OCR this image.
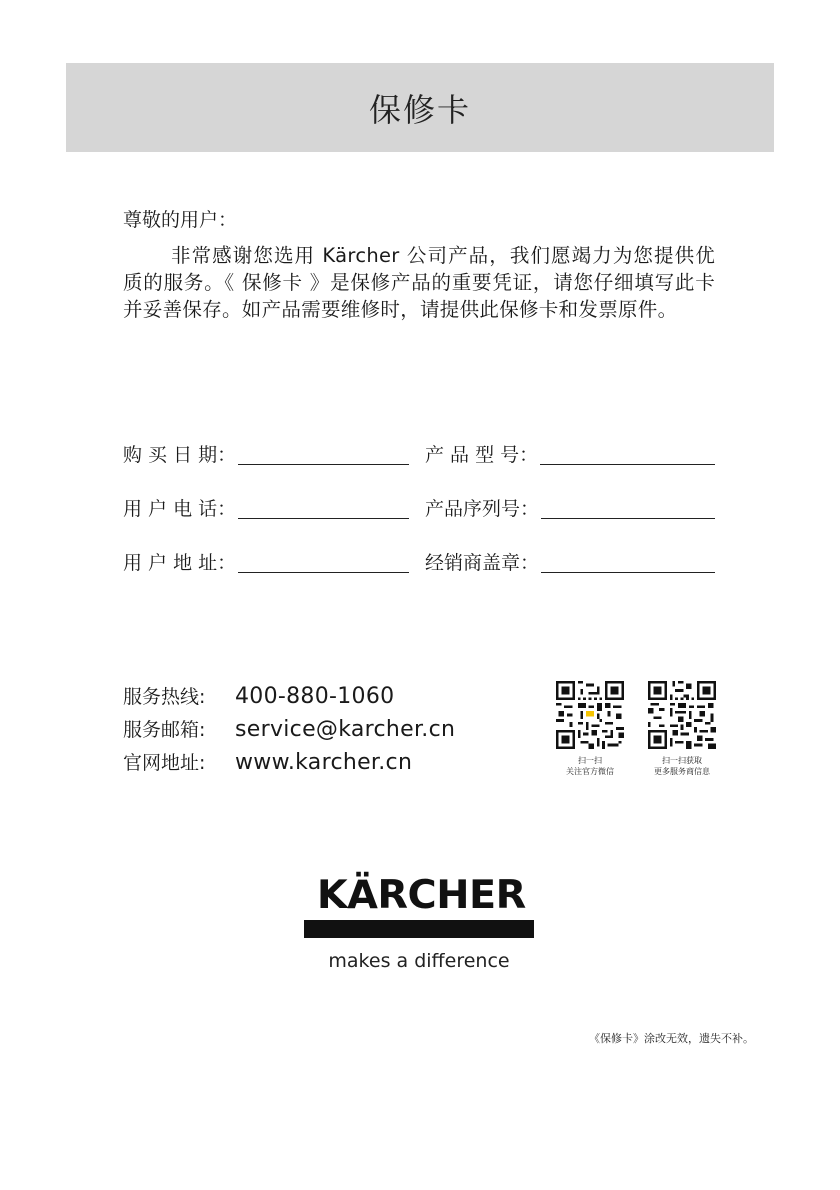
保修卡
尊敬的用户：
非常感谢您选用 Kärcher 公司产品，我们愿竭力为您提供优质的服务。《 保修卡 》是保修产品的重要凭证，请您仔细填写此卡并妥善保存。如产品需要维修时，请提供此保修卡和发票原件。
购 买 日 期：	产 品 型 号：
用 户 电 话：	产品序列号：
用 户 地 址：	经销商盖章：
服务热线:	400-880-1060
服务邮箱:	service@karcher.cn
官网地址:	www.karcher.cn	扫一扫
关注官方微信
扫一扫获取
更多服务商信息
KÄRCHER
makes a difference
《保修卡》涂改无效，遗失不补。
